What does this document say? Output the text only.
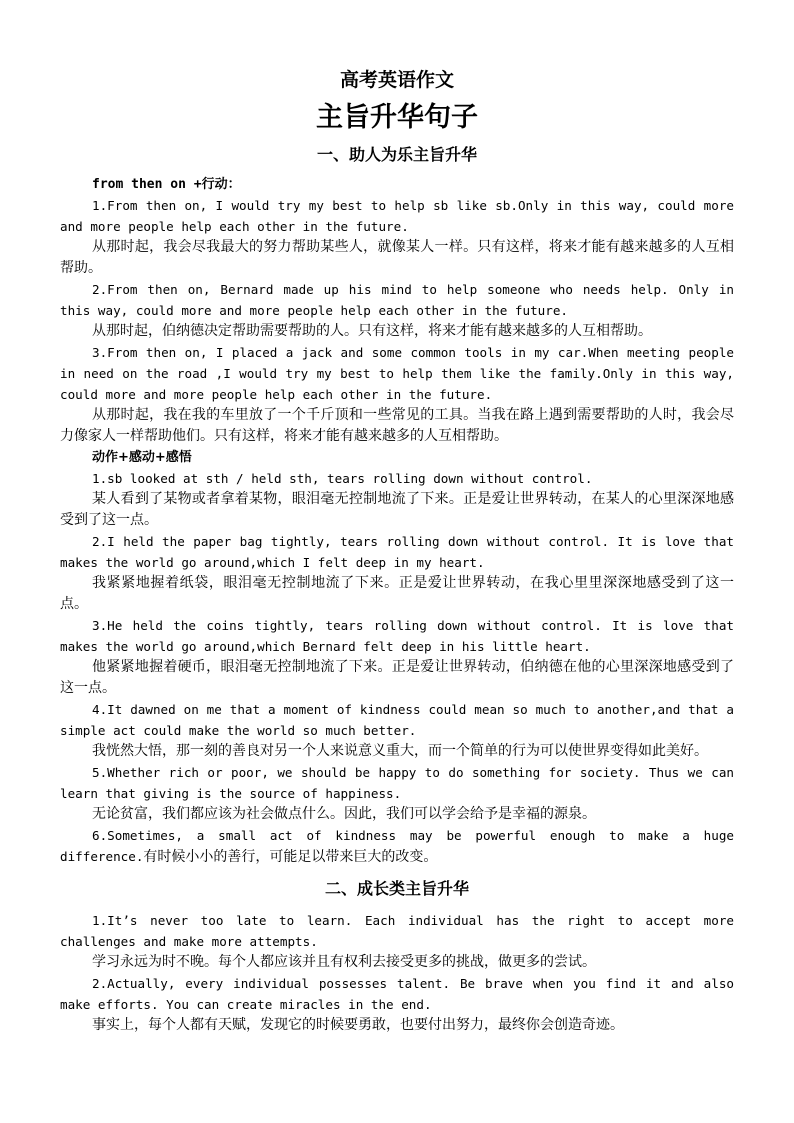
高考英语作文
主旨升华句子
一、助人为乐主旨升华

from then on +行动：

1.From then on, I would try my best to help sb like sb.Only in this way, could more and more people help each other in the future.

从那时起，我会尽我最大的努力帮助某些人，就像某人一样。只有这样，将来才能有越来越多的人互相帮助。

2.From then on, Bernard made up his mind to help someone who needs help. Only in this way, could more and more people help each other in the future.

从那时起，伯纳德决定帮助需要帮助的人。只有这样，将来才能有越来越多的人互相帮助。

3.From then on, I placed a jack and some common tools in my car.When meeting people in need on the road ,I would try my best to help them like the family.Only in this way, could more and more people help each other in the future.

从那时起，我在我的车里放了一个千斤顶和一些常见的工具。当我在路上遇到需要帮助的人时，我会尽力像家人一样帮助他们。只有这样，将来才能有越来越多的人互相帮助。

动作+感动+感悟

1.sb looked at sth / held sth, tears rolling down without control.

某人看到了某物或者拿着某物，眼泪毫无控制地流了下来。正是爱让世界转动，在某人的心里深深地感受到了这一点。

2.I held the paper bag tightly, tears rolling down without control. It is love that makes the world go around,which I felt deep in my heart.

我紧紧地握着纸袋，眼泪毫无控制地流了下来。正是爱让世界转动，在我心里里深深地感受到了这一点。

3.He held the coins tightly, tears rolling down without control. It is love that makes the world go around,which Bernard felt deep in his little heart.

他紧紧地握着硬币，眼泪毫无控制地流了下来。正是爱让世界转动，伯纳德在他的心里深深地感受到了这一点。

4.It dawned on me that a moment of kindness could mean so much to another,and that a simple act could make the world so much better.

我恍然大悟，那一刻的善良对另一个人来说意义重大，而一个简单的行为可以使世界变得如此美好。

5.Whether rich or poor, we should be happy to do something for society. Thus we can learn that giving is the source of happiness.

无论贫富，我们都应该为社会做点什么。因此，我们可以学会给予是幸福的源泉。

6.Sometimes, a small act of kindness may be powerful enough to make a huge difference.有时候小小的善行，可能足以带来巨大的改变。

二、成长类主旨升华

1.It’s never too late to learn. Each individual has the right to accept more challenges and make more attempts.

学习永远为时不晚。每个人都应该并且有权利去接受更多的挑战，做更多的尝试。

2.Actually, every individual possesses talent. Be brave when you find it and also make efforts. You can create miracles in the end.

事实上，每个人都有天赋，发现它的时候要勇敢，也要付出努力，最终你会创造奇迹。
